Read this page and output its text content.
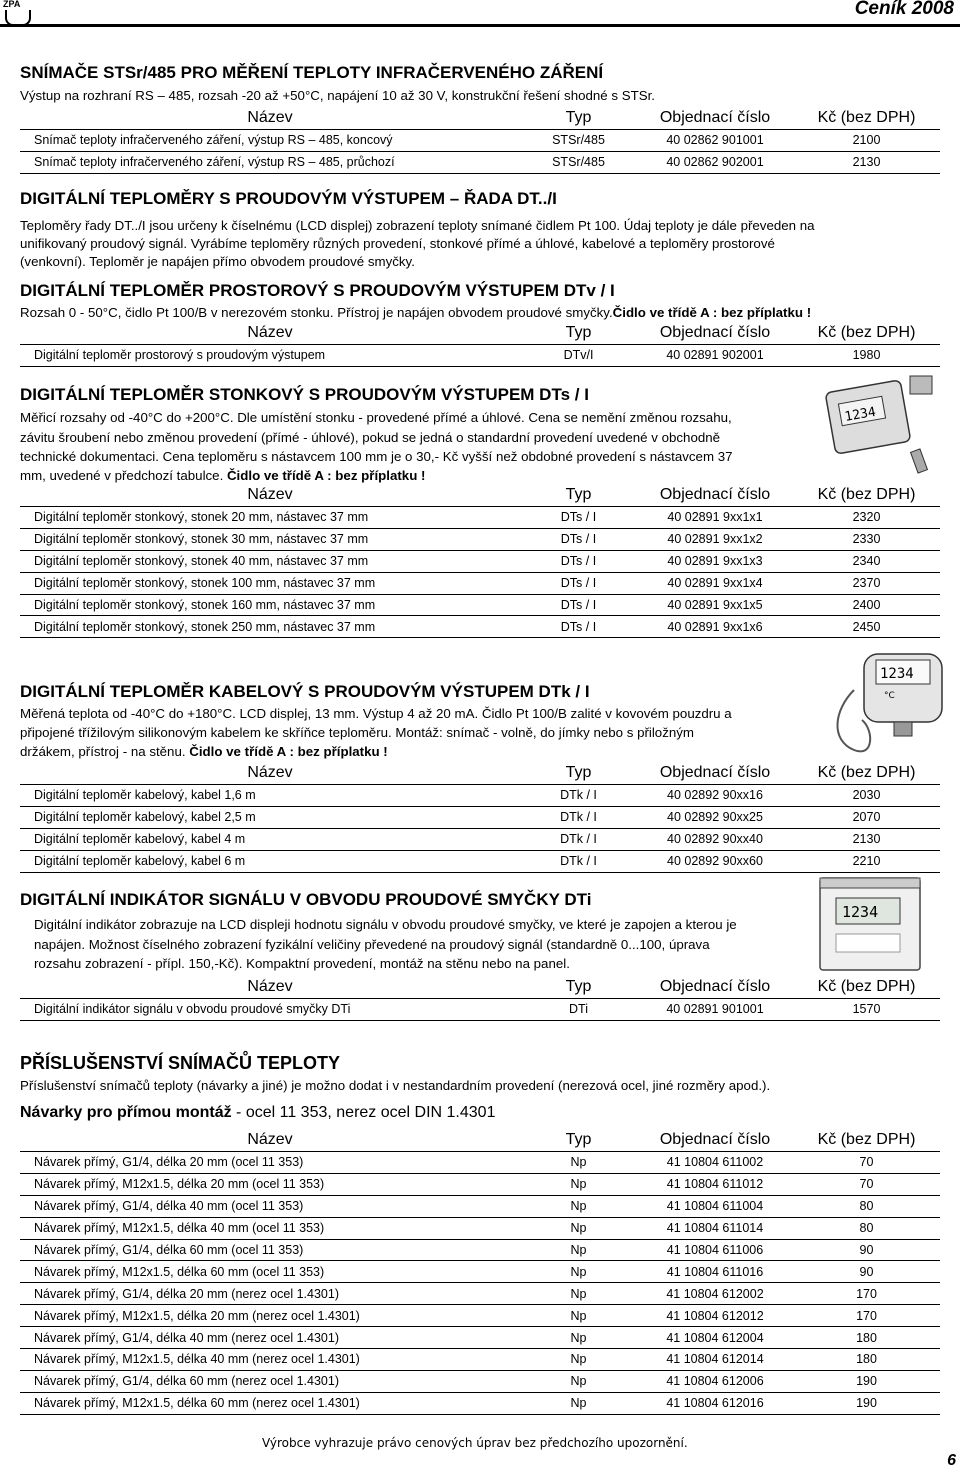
ZPA	Ceník 2008
SNÍMAČE STSr/485 PRO MĚŘENÍ TEPLOTY INFRAČERVENÉHO ZÁŘENÍ
Výstup na rozhraní RS – 485, rozsah -20 až +50°C, napájení 10 až 30 V, konstrukční řešení shodné s STSr.
Název	Typ	Objednací číslo	Kč (bez DPH)
Snímač teploty infračerveného záření, výstup RS – 485, koncový	STSr/485	40 02862 901001	2100
Snímač teploty infračerveného záření, výstup RS – 485, průchozí	STSr/485	40 02862 902001	2130
DIGITÁLNÍ TEPLOMĚRY S PROUDOVÝM VÝSTUPEM – ŘADA DT../I
Teploměry řady DT../I jsou určeny k číselnému (LCD displej) zobrazení teploty snímané čidlem Pt 100. Údaj teploty je dále převeden na
unifikovaný proudový signál. Vyrábíme teploměry různých provedení, stonkové přímé a úhlové, kabelové a teploměry prostorové
(venkovní). Teploměr je napájen přímo obvodem proudové smyčky.
DIGITÁLNÍ TEPLOMĚR PROSTOROVÝ S PROUDOVÝM VÝSTUPEM DTv / I
Rozsah 0 - 50°C, čidlo Pt 100/B v nerezovém stonku. Přístroj je napájen obvodem proudové smyčky.Čidlo ve třídě A : bez příplatku !
Název	Typ	Objednací číslo	Kč (bez DPH)
Digitální teploměr prostorový s proudovým výstupem	DTv/I	40 02891 902001	1980
DIGITÁLNÍ TEPLOMĚR STONKOVÝ S PROUDOVÝM VÝSTUPEM DTs / I
Měřicí rozsahy od -40°C do +200°C. Dle umístění stonku - provedené přímé a úhlové. Cena se nemění změnou rozsahu,
závitu šroubení nebo změnou provedení (přímé - úhlové), pokud se jedná o standardní provedení uvedené v obchodně
technické dokumentaci. Cena teploměru s nástavcem 100 mm je o 30,- Kč vyšší než obdobné provedení s nástavcem 37
mm, uvedené v předchozí tabulce. Čidlo ve třídě A : bez příplatku !
1234
Název	Typ	Objednací číslo	Kč (bez DPH)
Digitální teploměr stonkový, stonek 20 mm, nástavec 37 mm	DTs / I	40 02891 9xx1x1	2320
Digitální teploměr stonkový, stonek 30 mm, nástavec 37 mm	DTs / I	40 02891 9xx1x2	2330
Digitální teploměr stonkový, stonek 40 mm, nástavec 37 mm	DTs / I	40 02891 9xx1x3	2340
Digitální teploměr stonkový, stonek 100 mm, nástavec 37 mm	DTs / I	40 02891 9xx1x4	2370
Digitální teploměr stonkový, stonek 160 mm, nástavec 37 mm	DTs / I	40 02891 9xx1x5	2400
Digitální teploměr stonkový, stonek 250 mm, nástavec 37 mm	DTs / I	40 02891 9xx1x6	2450
1234
°C
DIGITÁLNÍ TEPLOMĚR KABELOVÝ S PROUDOVÝM VÝSTUPEM DTk / I
Měřená teplota od -40°C do +180°C. LCD displej, 13 mm. Výstup 4 až 20 mA. Čidlo Pt 100/B zalité v kovovém pouzdru a
připojené třížilovým silikonovým kabelem ke skříňce teploměru. Montáž: snímač - volně, do jímky nebo s přiložným
držákem, přístroj - na stěnu. Čidlo ve třídě A : bez příplatku !
Název	Typ	Objednací číslo	Kč (bez DPH)
Digitální teploměr kabelový, kabel 1,6 m	DTk / I	40 02892 90xx16	2030
Digitální teploměr kabelový, kabel 2,5 m	DTk / I	40 02892 90xx25	2070
Digitální teploměr kabelový, kabel 4 m	DTk / I	40 02892 90xx40	2130
Digitální teploměr kabelový, kabel 6 m	DTk / I	40 02892 90xx60	2210
1234
DIGITÁLNÍ INDIKÁTOR SIGNÁLU V OBVODU PROUDOVÉ SMYČKY DTi
Digitální indikátor zobrazuje na LCD displeji hodnotu signálu v obvodu proudové smyčky, ve které je zapojen a kterou je
napájen. Možnost číselného zobrazení fyzikální veličiny převedené na proudový signál (standardně 0...100, úprava
rozsahu zobrazení - přípl. 150,-Kč). Kompaktní provedení, montáž na stěnu nebo na panel.
Název	Typ	Objednací číslo	Kč (bez DPH)
Digitální indikátor signálu v obvodu proudové smyčky DTi	DTi	40 02891 901001	1570
PŘÍSLUŠENSTVÍ SNÍMAČŮ TEPLOTY
Příslušenství snímačů teploty (návarky a jiné) je možno dodat i v nestandardním provedení (nerezová ocel, jiné rozměry apod.).
Návarky pro přímou montáž - ocel 11 353, nerez ocel DIN 1.4301
Název	Typ	Objednací číslo	Kč (bez DPH)
Návarek přímý, G1/4, délka 20 mm (ocel 11 353)	Np	41 10804 611002	70
Návarek přímý, M12x1.5, délka 20 mm (ocel 11 353)	Np	41 10804 611012	70
Návarek přímý, G1/4, délka 40 mm (ocel 11 353)	Np	41 10804 611004	80
Návarek přímý, M12x1.5, délka 40 mm (ocel 11 353)	Np	41 10804 611014	80
Návarek přímý, G1/4, délka 60 mm (ocel 11 353)	Np	41 10804 611006	90
Návarek přímý, M12x1.5, délka 60 mm (ocel 11 353)	Np	41 10804 611016	90
Návarek přímý, G1/4, délka 20 mm (nerez ocel 1.4301)	Np	41 10804 612002	170
Návarek přímý, M12x1.5, délka 20 mm (nerez ocel 1.4301)	Np	41 10804 612012	170
Návarek přímý, G1/4, délka 40 mm (nerez ocel 1.4301)	Np	41 10804 612004	180
Návarek přímý, M12x1.5, délka 40 mm (nerez ocel 1.4301)	Np	41 10804 612014	180
Návarek přímý, G1/4, délka 60 mm (nerez ocel 1.4301)	Np	41 10804 612006	190
Návarek přímý, M12x1.5, délka 60 mm (nerez ocel 1.4301)	Np	41 10804 612016	190
Výrobce vyhrazuje právo cenových úprav bez předchozího upozornění.
6
